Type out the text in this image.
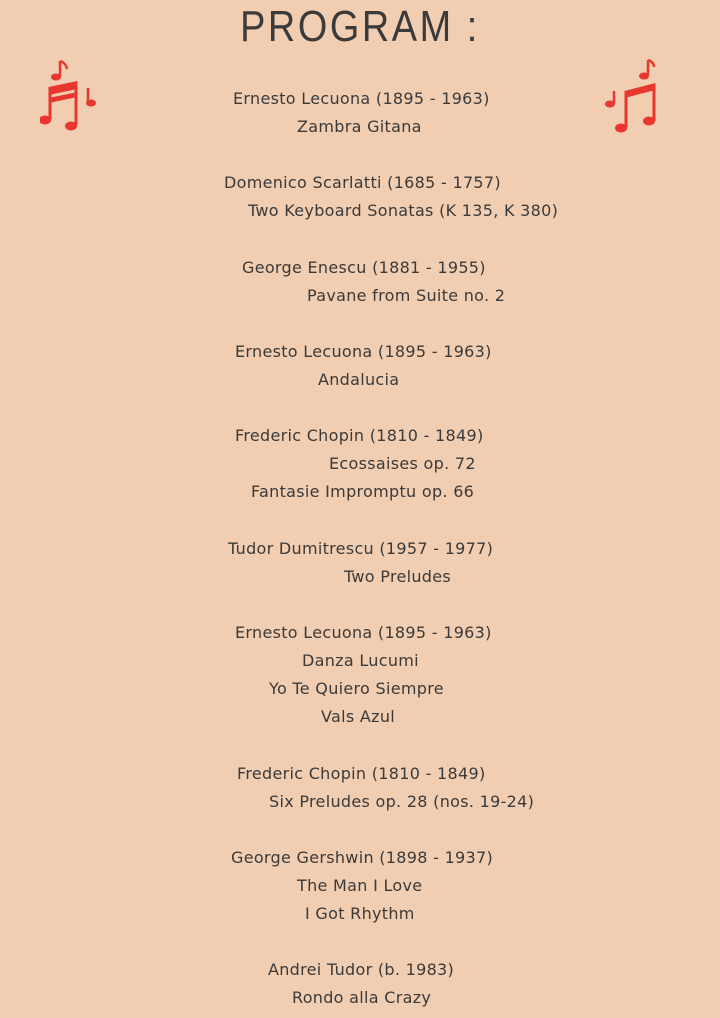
PROGRAM :
Ernesto Lecuona (1895 - 1963)
Zambra Gitana
Domenico Scarlatti (1685 - 1757)
Two Keyboard Sonatas (K 135, K 380)
George Enescu (1881 - 1955)
Pavane from Suite no. 2
Ernesto Lecuona (1895 - 1963)
Andalucia
Frederic Chopin (1810 - 1849)
Ecossaises op. 72
Fantasie Impromptu op. 66
Tudor Dumitrescu (1957 - 1977)
Two Preludes
Ernesto Lecuona (1895 - 1963)
Danza Lucumi
Yo Te Quiero Siempre
Vals Azul
Frederic Chopin (1810 - 1849)
Six Preludes op. 28 (nos. 19-24)
George Gershwin (1898 - 1937)
The Man I Love
I Got Rhythm
Andrei Tudor (b. 1983)
Rondo alla Crazy
